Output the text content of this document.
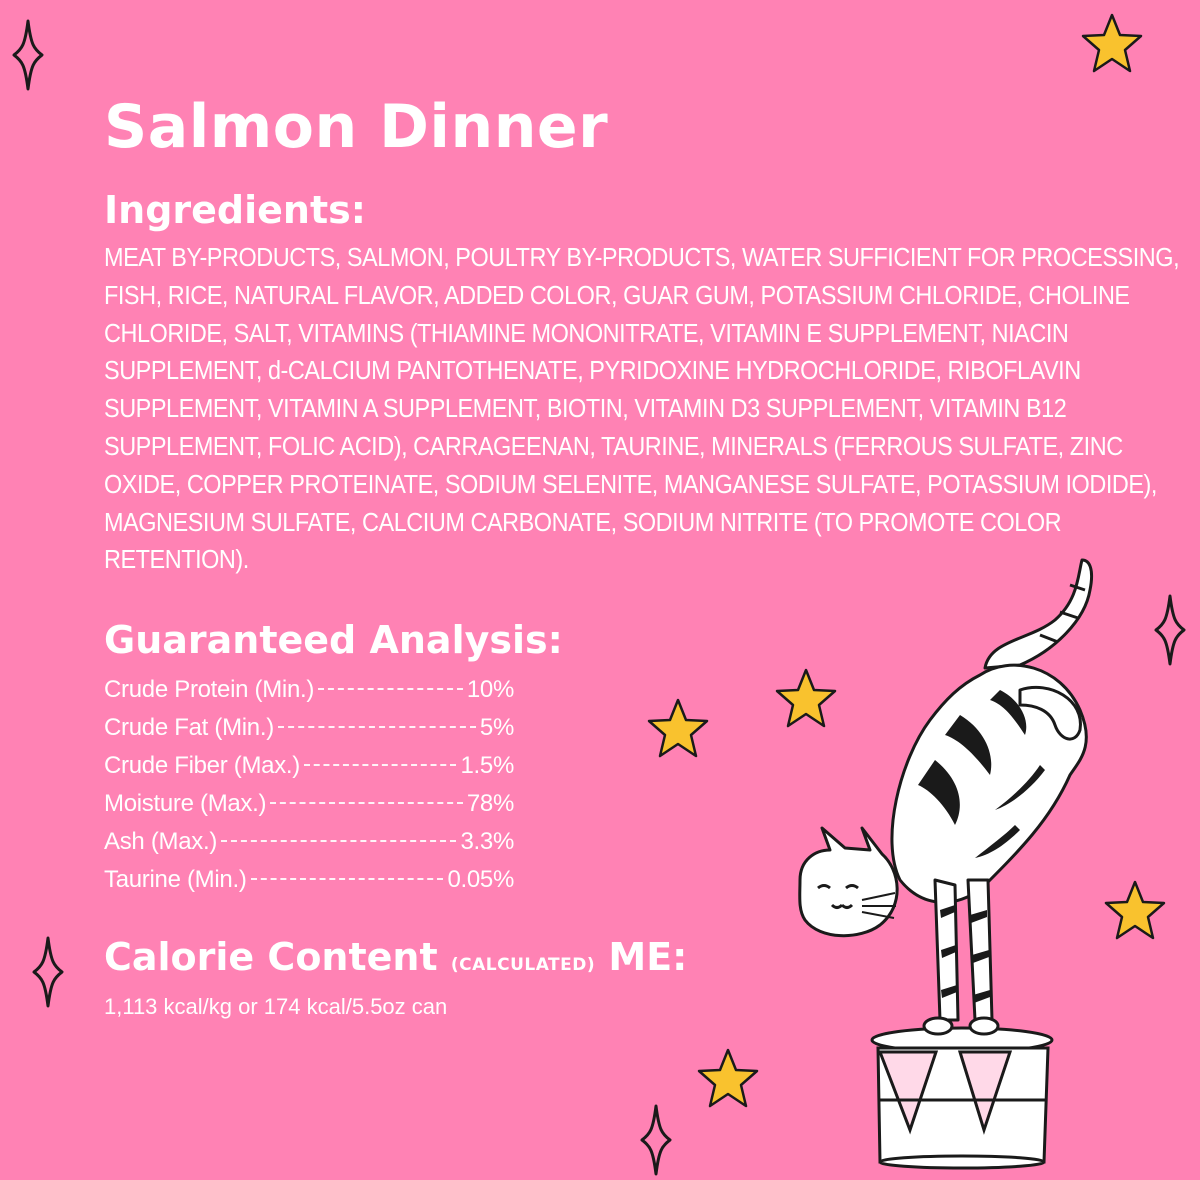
Salmon Dinner
Ingredients:

MEAT BY-PRODUCTS, SALMON, POULTRY BY-PRODUCTS, WATER SUFFICIENT FOR PROCESSING, FISH, RICE, NATURAL FLAVOR, ADDED COLOR, GUAR GUM, POTASSIUM CHLORIDE, CHOLINE CHLORIDE, SALT, VITAMINS (THIAMINE MONONITRATE, VITAMIN E SUPPLEMENT, NIACIN SUPPLEMENT, d-CALCIUM PANTOTHENATE, PYRIDOXINE HYDROCHLORIDE, RIBOFLAVIN SUPPLEMENT, VITAMIN A SUPPLEMENT, BIOTIN, VITAMIN D3 SUPPLEMENT, VITAMIN B12 SUPPLEMENT, FOLIC ACID), CARRAGEENAN, TAURINE, MINERALS (FERROUS SULFATE, ZINC OXIDE, COPPER PROTEINATE, SODIUM SELENITE, MANGANESE SULFATE, POTASSIUM IODIDE), MAGNESIUM SULFATE, CALCIUM CARBONATE, SODIUM NITRITE (TO PROMOTE COLOR RETENTION).

Guaranteed Analysis:
Crude Protein (Min.)	10%
Crude Fat (Min.)	5%
Crude Fiber (Max.)	1.5%
Moisture (Max.)	78%
Ash (Max.)	3.3%
Taurine (Min.)	0.05%
Calorie Content (CALCULATED) ME:

1,113 kcal/kg or 174 kcal/5.5oz can
